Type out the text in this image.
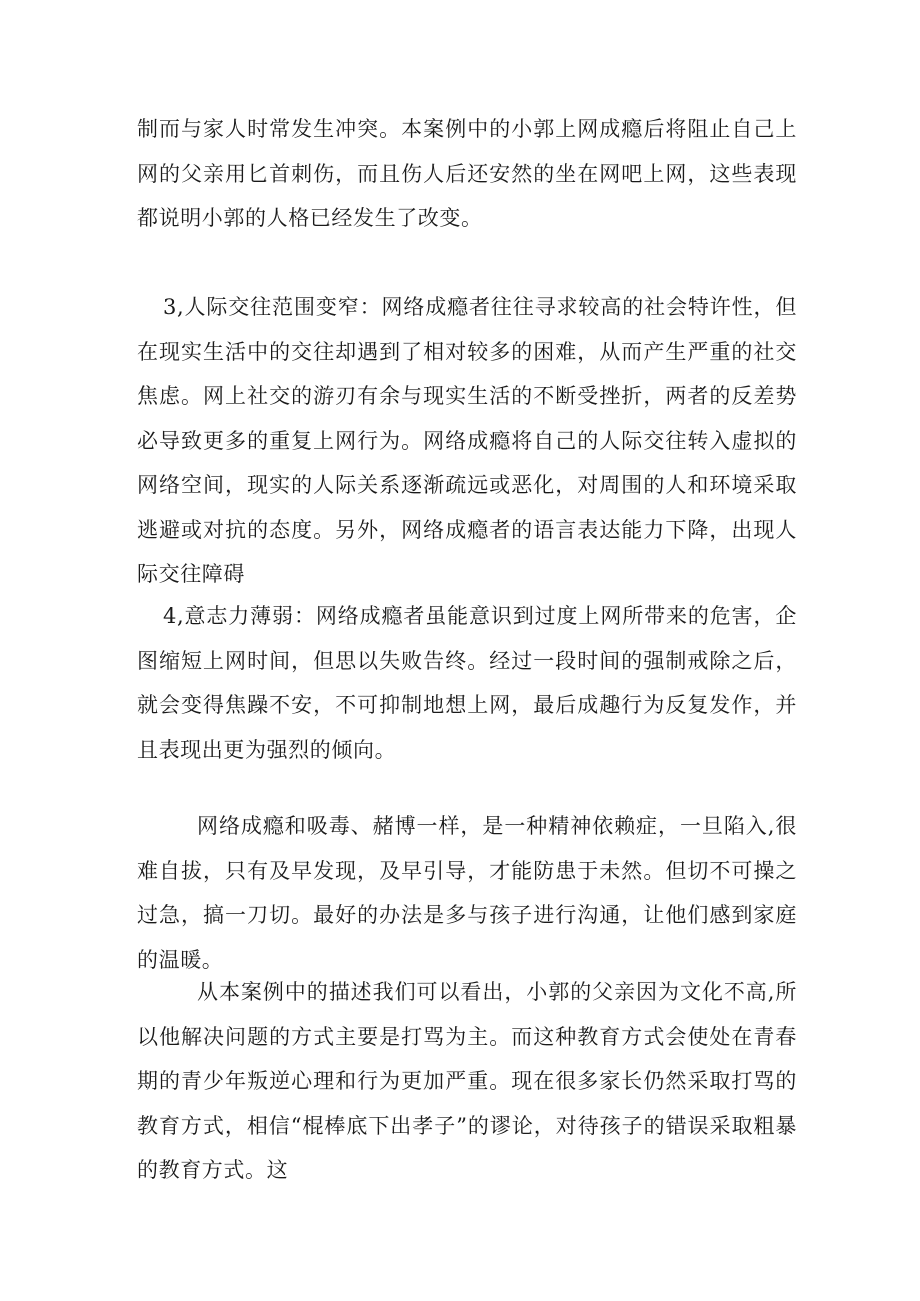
制而与家人时常发生冲突。本案例中的小郭上网成瘾后将阻止自己上网的父亲用匕首刺伤，而且伤人后还安然的坐在网吧上网，这些表现都说明小郭的人格已经发生了改变。

3,人际交往范围变窄：网络成瘾者往往寻求较高的社会特许性，但在现实生活中的交往却遇到了相对较多的困难，从而产生严重的社交焦虑。网上社交的游刃有余与现实生活的不断受挫折，两者的反差势必导致更多的重复上网行为。网络成瘾将自己的人际交往转入虚拟的网络空间，现实的人际关系逐渐疏远或恶化，对周围的人和环境采取逃避或对抗的态度。另外，网络成瘾者的语言表达能力下降，出现人际交往障碍

4,意志力薄弱：网络成瘾者虽能意识到过度上网所带来的危害，企图缩短上网时间，但思以失败告终。经过一段时间的强制戒除之后，就会变得焦躁不安，不可抑制地想上网，最后成趣行为反复发作，并且表现出更为强烈的倾向。

网络成瘾和吸毒、赭博一样，是一种精神依赖症，一旦陷入,很难自拔，只有及早发现，及早引导，才能防患于未然。但切不可操之过急，搞一刀切。最好的办法是多与孩子进行沟通，让他们感到家庭的温暖。

从本案例中的描述我们可以看出，小郭的父亲因为文化不高,所以他解决问题的方式主要是打骂为主。而这种教育方式会使处在青春期的青少年叛逆心理和行为更加严重。现在很多家长仍然采取打骂的教育方式，相信“棍棒底下出孝子”的谬论，对待孩子的错误采取粗暴的教育方式。这
